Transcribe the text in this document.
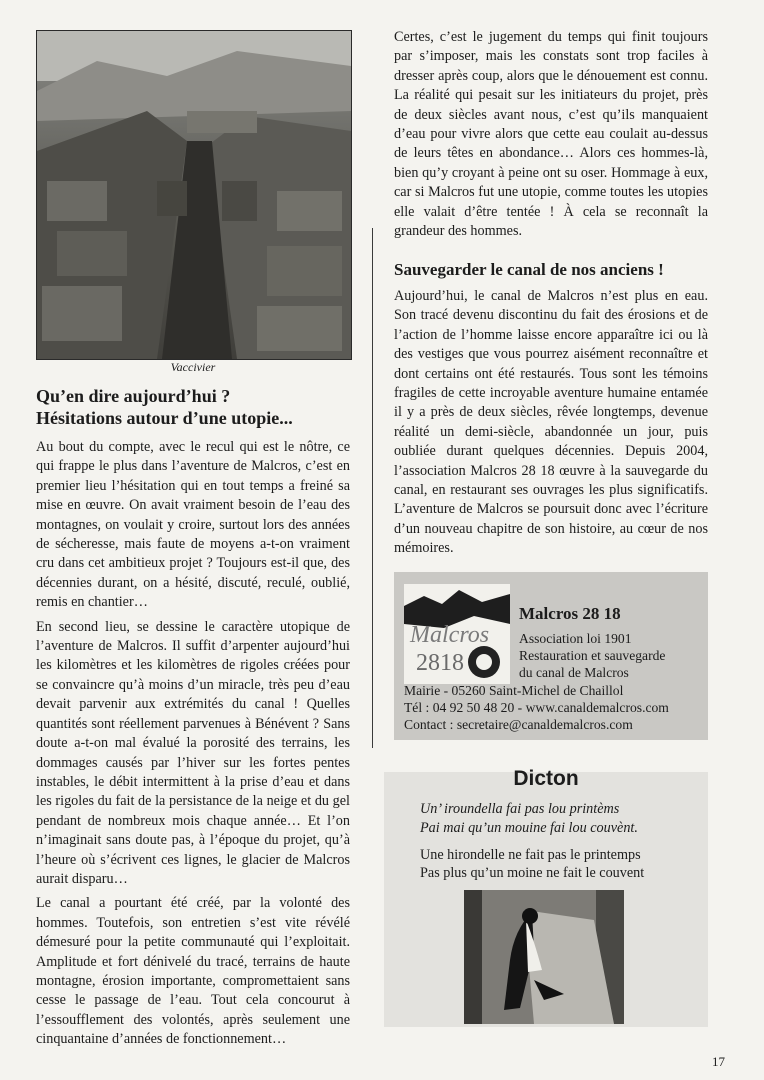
Vaccivier
Qu’en dire aujourd’hui ?
Hésitations autour d’une utopie...

Au bout du compte, avec le recul qui est le nôtre, ce qui frappe le plus dans l’aventure de Malcros, c’est en premier lieu l’hésitation qui en tout temps a freiné sa mise en œuvre. On avait vraiment besoin de l’eau des montagnes, on voulait y croire, surtout lors des années de sécheresse, mais faute de moyens a-t-on vraiment cru dans cet ambitieux projet ? Toujours est-il que, des décennies durant, on a hésité, discuté, reculé, oublié, remis en chantier…

En second lieu, se dessine le caractère utopique de l’aventure de Malcros. Il suffit d’arpenter aujourd’hui les kilomètres et les kilomètres de rigoles créées pour se convaincre qu’à moins d’un miracle, très peu d’eau devait parvenir aux extrémités du canal ! Quelles quantités sont réellement parvenues à Bénévent ? Sans doute a-t-on mal évalué la porosité des terrains, les dommages causés par l’hiver sur les fortes pentes instables, le débit intermittent à la prise d’eau et dans les rigoles du fait de la persistance de la neige et du gel pendant de nombreux mois chaque année… Et l’on n’imaginait sans doute pas, à l’époque du projet, qu’à l’heure où s’écrivent ces lignes, le glacier de Malcros aurait disparu…

Le canal a pourtant été créé, par la volonté des hommes. Toutefois, son entretien s’est vite révélé démesuré pour la petite communauté qui l’exploitait. Amplitude et fort dénivelé du tracé, terrains de haute montagne, érosion importante, compromettaient sans cesse le passage de l’eau. Tout cela concourut à l’essoufflement des volontés, après seulement une cinquantaine d’années de fonctionnement…

Certes, c’est le jugement du temps qui finit toujours par s’imposer, mais les constats sont trop faciles à dresser après coup, alors que le dénouement est connu. La réalité qui pesait sur les initiateurs du projet, près de deux siècles avant nous, c’est qu’ils manquaient d’eau pour vivre alors que cette eau coulait au-dessus de leurs têtes en abondance… Alors ces hommes-là, bien qu’y croyant à peine ont su oser. Hommage à eux, car si Malcros fut une utopie, comme toutes les utopies elle valait d’être tentée ! À cela se reconnaît la grandeur des hommes.

Sauvegarder le canal de nos anciens !

Aujourd’hui, le canal de Malcros n’est plus en eau. Son tracé devenu discontinu du fait des érosions et de l’action de l’homme laisse encore apparaître ici ou là des vestiges que vous pourrez aisément reconnaître et dont certains ont été restaurés. Tous sont les témoins fragiles de cette incroyable aventure humaine entamée il y a près de deux siècles, rêvée longtemps, devenue réalité un demi-siècle, abandonnée un jour, puis oubliée durant quelques décennies. Depuis 2004, l’association Malcros 28 18 œuvre à la sauvegarde du canal, en restaurant ses ouvrages les plus significatifs. L’aventure de Malcros se poursuit donc avec l’écriture d’un nouveau chapitre de son histoire, au cœur de nos mémoires.

Malcros
2818
Malcros 28 18
Association loi 1901
Restauration et sauvegarde
du canal de Malcros
Mairie - 05260 Saint-Michel de Chaillol
Tél : 04 92 50 48 20 - www.canaldemalcros.com
Contact : secretaire@canaldemalcros.com
Dicton
Un’ iroundella fai pas lou printèms
Pai mai qu’un mouine fai lou couvènt.
Une hirondelle ne fait pas le printemps
Pas plus qu’un moine ne fait le couvent
17
